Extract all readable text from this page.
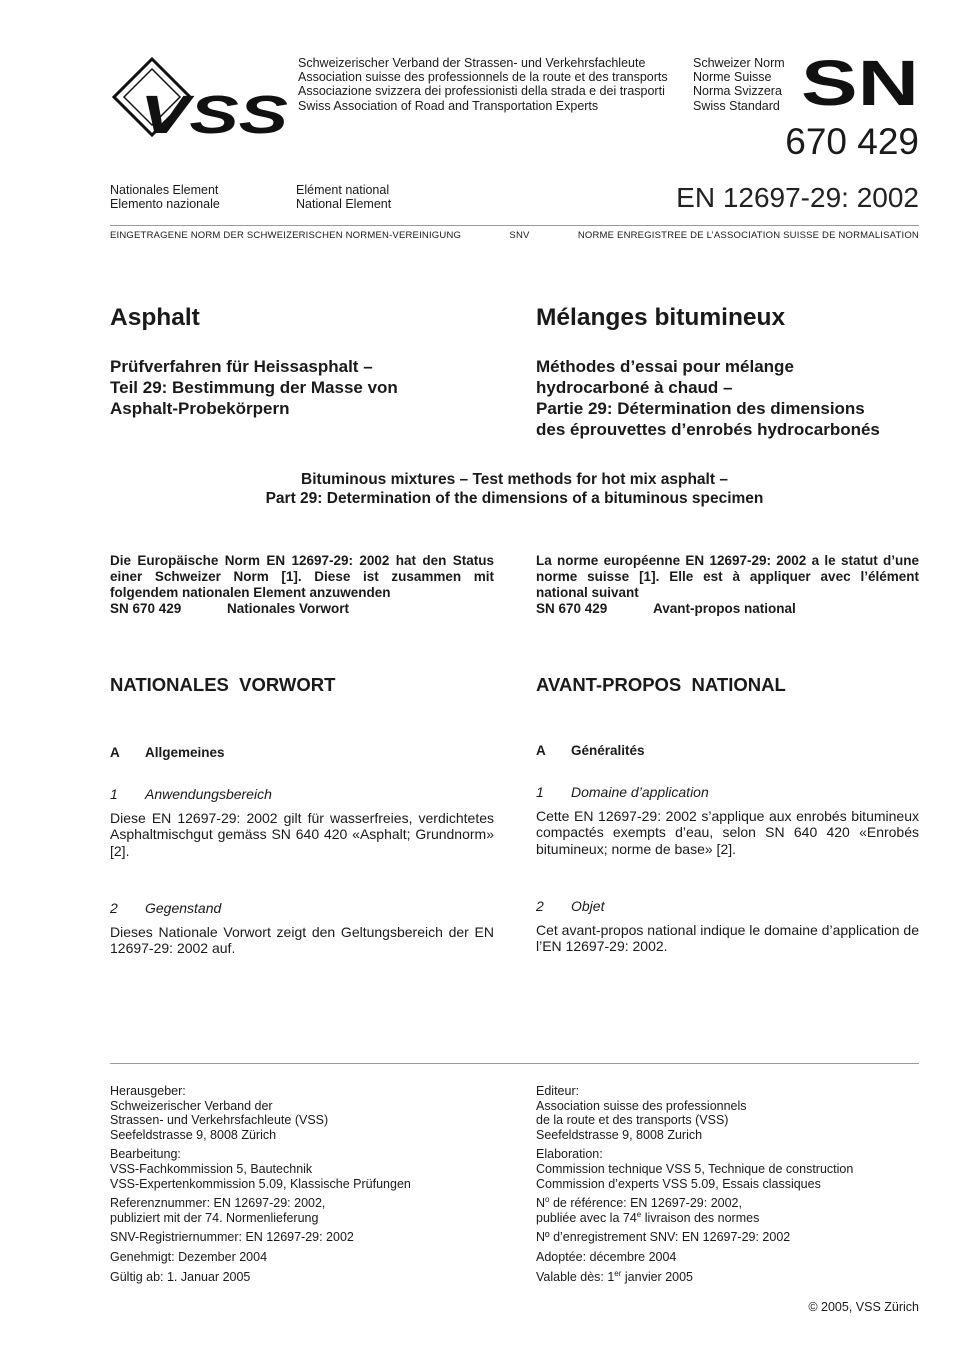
VSS
Schweizerischer Verband der Strassen- und Verkehrsfachleute
Association suisse des professionnels de la route et des transports
Associazione svizzera dei professionisti della strada e dei trasporti
Swiss Association of Road and Transportation Experts
Schweizer Norm
Norme Suisse
Norma Svizzera
Swiss Standard SN
670 429
Nationales Element
Elemento nazionale
Elément national
National Element	EN 12697-29: 2002
EINGETRAGENE NORM DER SCHWEIZERISCHEN NORMEN-VEREINIGUNG	SNV	NORME ENREGISTREE DE L’ASSOCIATION SUISSE DE NORMALISATION
Asphalt
Prüfverfahren für Heissasphalt –
Teil 29: Bestimmung der Masse von
Asphalt-Probekörpern
Mélanges bitumineux
Méthodes d’essai pour mélange
hydrocarboné à chaud –
Partie 29: Détermination des dimensions
des éprouvettes d’enrobés hydrocarbonés
Bituminous mixtures – Test methods for hot mix asphalt –
Part 29: Determination of the dimensions of a bituminous specimen
Die Europäische Norm EN 12697-29: 2002 hat den Status einer Schweizer Norm [1]. Diese ist zusammen mit folgendem nationalen Element anzuwenden
SN 670 429	Nationales Vorwort
La norme européenne EN 12697-29: 2002 a le statut d’une norme suisse [1]. Elle est à appliquer avec l’élément national suivant
SN 670 429	Avant-propos national
NATIONALES  VORWORT
A	Allgemeines
1	Anwendungsbereich
Diese EN 12697-29: 2002 gilt für wasserfreies, verdichtetes Asphaltmischgut gemäss SN 640 420 «Asphalt; Grundnorm» [2].
2	Gegenstand
Dieses Nationale Vorwort zeigt den Geltungsbereich der EN 12697-29: 2002 auf.
AVANT-PROPOS  NATIONAL
A	Généralités
1	Domaine d’application
Cette EN 12697-29: 2002 s’applique aux enrobés bitumineux compactés exempts d’eau, selon SN 640 420 «Enrobés bitumineux; norme de base» [2].
2	Objet
Cet avant-propos national indique le domaine d’application de l’EN 12697-29: 2002.
Herausgeber:
Schweizerischer Verband der
Strassen- und Verkehrsfachleute (VSS)
Seefeldstrasse 9, 8008 Zürich
Bearbeitung:
VSS-Fachkommission 5, Bautechnik
VSS-Expertenkommission 5.09, Klassische Prüfungen
Referenznummer: EN 12697-29: 2002,
publiziert mit der 74. Normenlieferung
SNV-Registriernummer: EN 12697-29: 2002
Genehmigt: Dezember 2004
Gültig ab: 1. Januar 2005
Editeur:
Association suisse des professionnels
de la route et des transports (VSS)
Seefeldstrasse 9, 8008 Zurich
Elaboration:
Commission technique VSS 5, Technique de construction
Commission d’experts VSS 5.09, Essais classiques
$N^o$ de référence: EN 12697-29: 2002,
publiée avec la 74e livraison des normes
Nº d’enregistrement SNV: EN 12697-29: 2002
Adoptée: décembre 2004
Valable dès: 1er janvier 2005
© 2005, VSS Zürich
